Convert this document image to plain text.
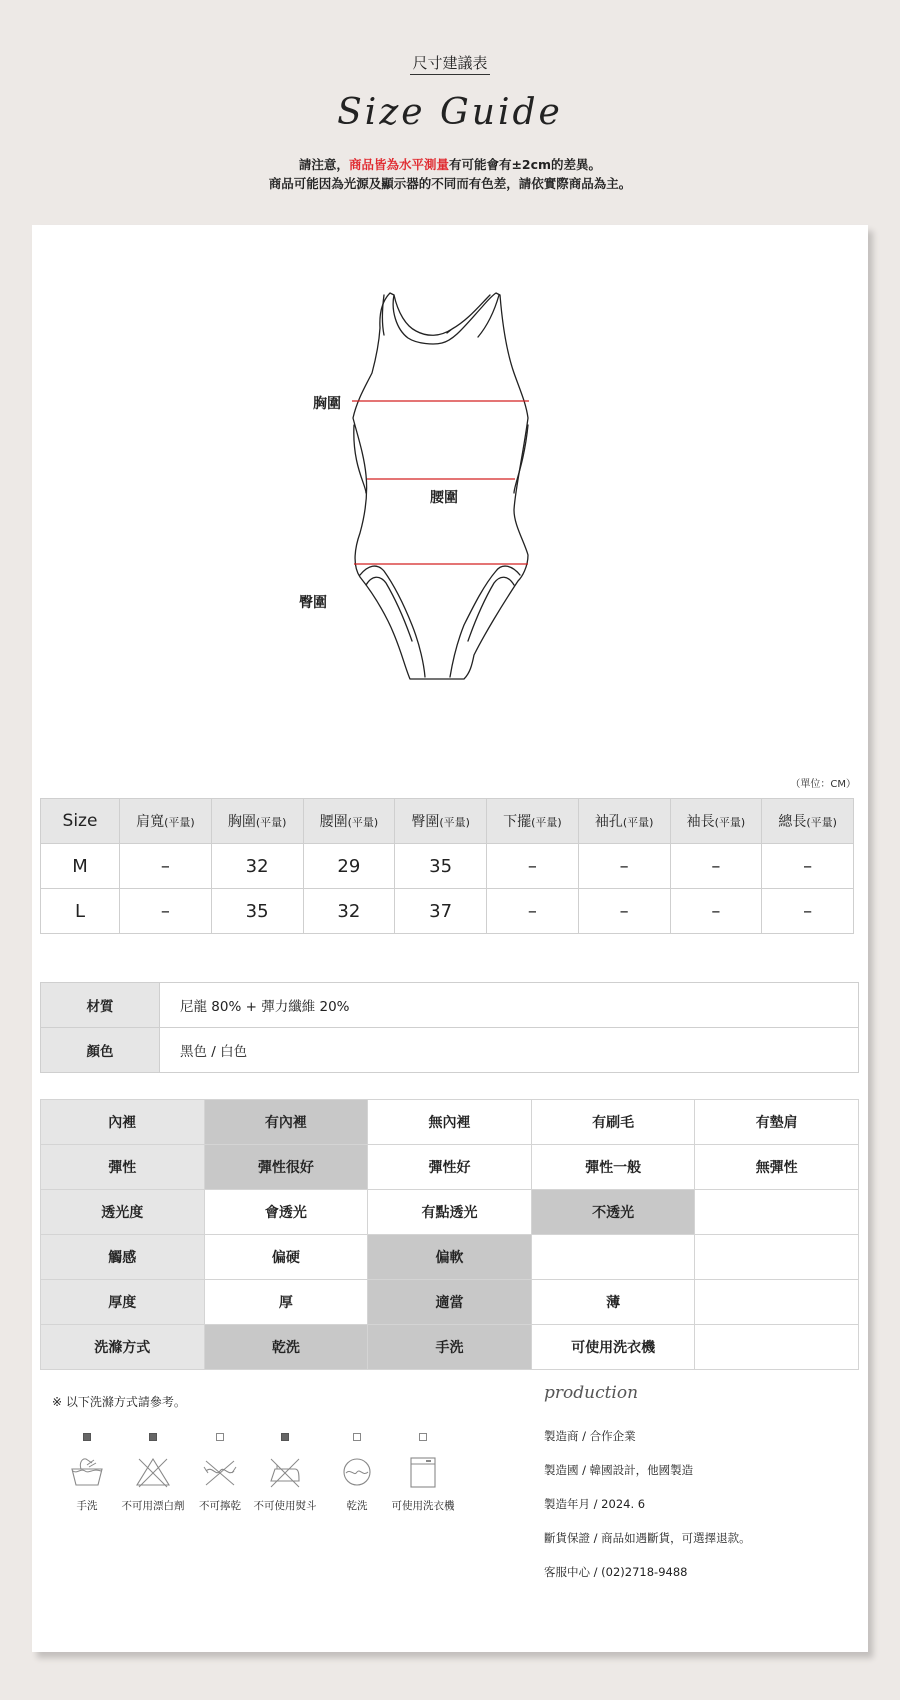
尺寸建議表
Size Guide
請注意，商品皆為水平測量有可能會有±2cm的差異。
商品可能因為光源及顯示器的不同而有色差，請依實際商品為主。
胸圍
腰圍
臀圍
（單位：CM）
Size	肩寬(平量)	胸圍(平量)	腰圍(平量)	臀圍(平量)	下擺(平量)	袖孔(平量)	袖長(平量)	總長(平量)
M	–	32	29	35	–	–	–	–
L	–	35	32	37	–	–	–	–
材質	尼龍 80% + 彈力纖維 20%
顏色	黑色 / 白色
內裡	有內裡	無內裡	有刷毛	有墊肩
彈性	彈性很好	彈性好	彈性一般	無彈性
透光度	會透光	有點透光	不透光	
觸感	偏硬	偏軟		
厚度	厚	適當	薄	
洗滌方式	乾洗	手洗	可使用洗衣機	
※ 以下洗滌方式請參考。
手洗	不可用漂白劑	不可擰乾	不可使用熨斗	乾洗	可使用洗衣機
production
製造商 / 合作企業
製造國 / 韓國設計，他國製造
製造年月 / 2024. 6
斷貨保證 / 商品如遇斷貨，可選擇退款。
客服中心 / (02)2718-9488
